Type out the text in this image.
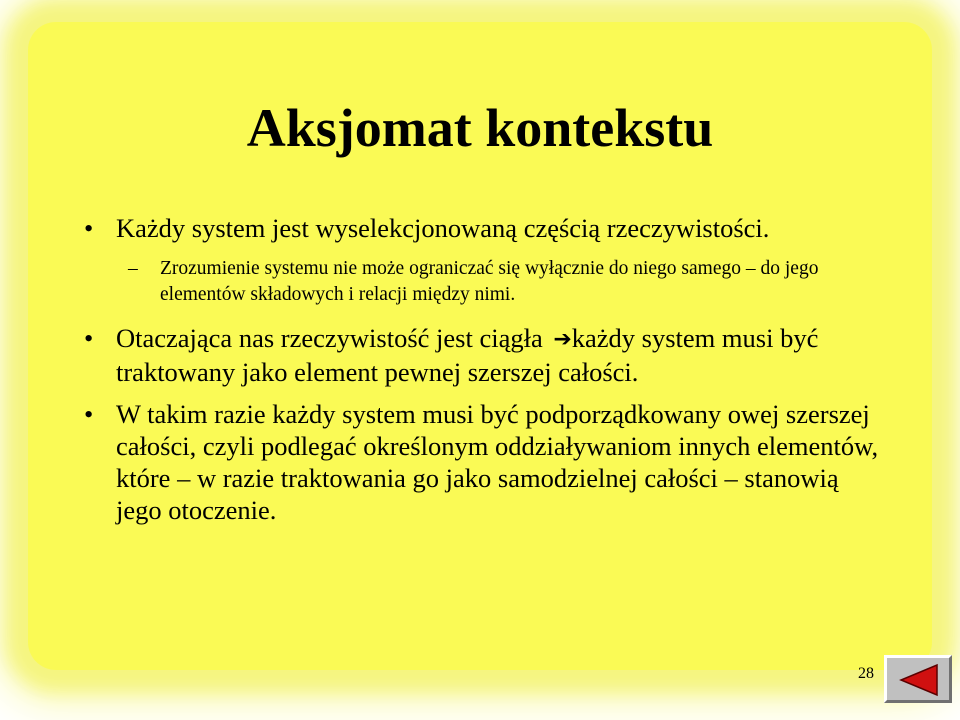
Aksjomat kontekstu
• Każdy system jest wyselekcjonowaną częścią rzeczywistości.
– Zrozumienie systemu nie może ograniczać się wyłącznie do niego samego – do jego elementów składowych i relacji między nimi.
• Otaczająca nas rzeczywistość jest ciągła ➔każdy system musi być traktowany jako element pewnej szerszej całości.
• W takim razie każdy system musi być podporządkowany owej szerszej całości, czyli podlegać określonym oddziaływaniom innych elementów, które – w razie traktowania go jako samodzielnej całości – stanowią jego otoczenie.
28
